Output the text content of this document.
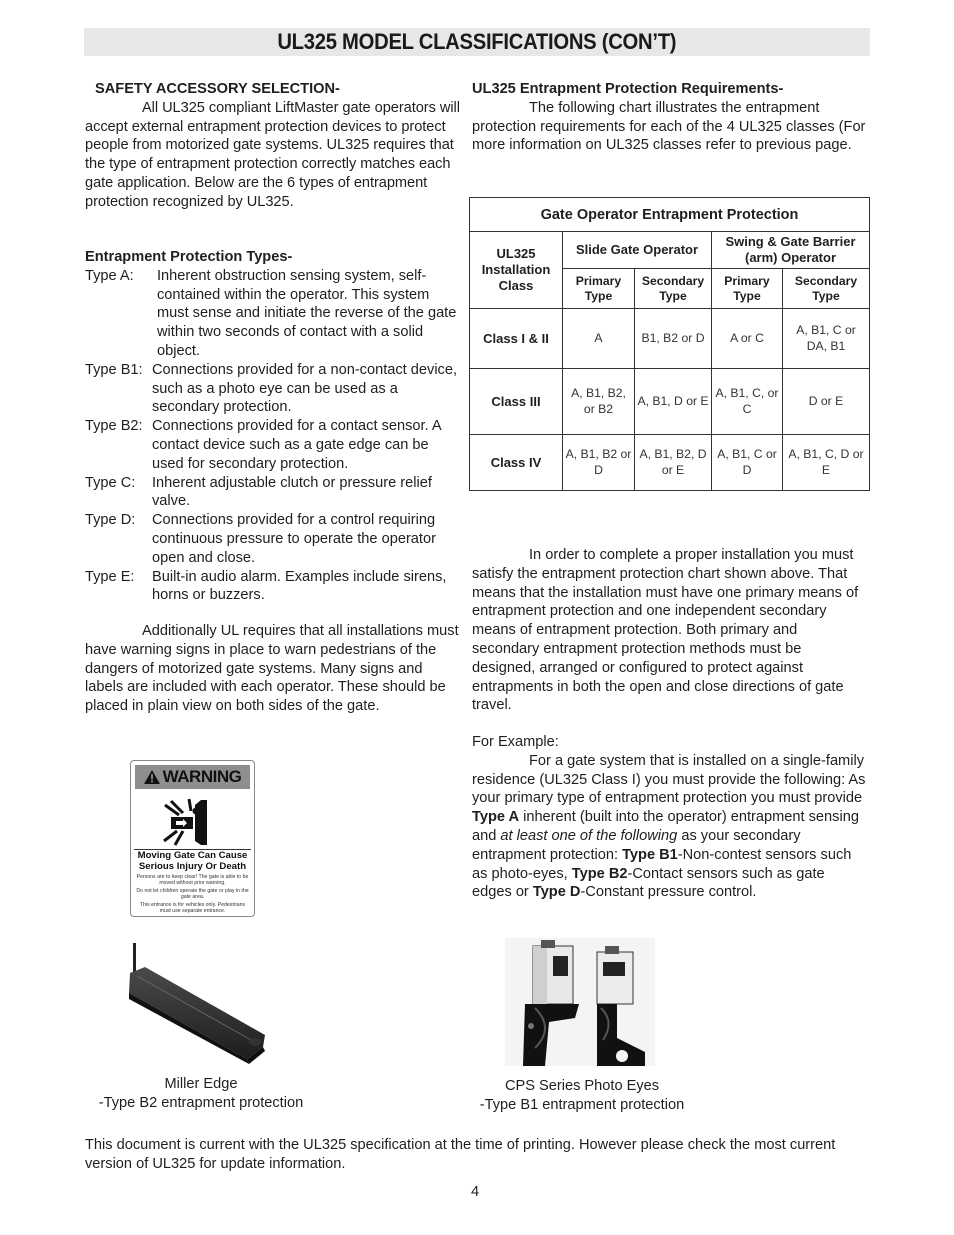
UL325 MODEL CLASSIFICATIONS (CON’T)

SAFETY ACCESSORY SELECTION-

All UL325 compliant LiftMaster gate operators will accept external entrapment protection devices to protect people from motorized gate systems. UL325 requires that the type of entrapment protection correctly matches each gate application. Below are the 6 types of entrapment protection recognized by UL325.

Entrapment Protection Types-

Type A:	Inherent obstruction sensing system, self-contained within the operator. This system must sense and initiate the reverse of the gate within two seconds of contact with a solid object.
Type B1: Connections provided for a non-contact device, such as a photo eye can be used as a secondary protection.
Type B2: Connections provided for a contact sensor. A contact device such as a gate edge can be used for secondary protection.
Type C:	Inherent adjustable clutch or pressure relief valve.
Type D:	Connections provided for a control requiring continuous pressure to operate the operator open and close.
Type E:	Built-in audio alarm. Examples include sirens, horns or buzzers.

Additionally UL requires that all installations must have warning signs in place to warn pedestrians of the dangers of motorized gate systems. Many signs and labels are included with each operator. These should be placed in plain view on both sides of the gate.

WARNING
Moving Gate Can Cause
Serious Injury Or Death
Persons are to keep clear! The gate is able to be moved without prior warning.
Do not let children operate the gate or play in the gate area.
This entrance is for vehicles only. Pedestrians must use separate entrance.

UL325 Entrapment Protection Requirements-

The following chart illustrates the entrapment protection requirements for each of the 4 UL325 classes (For more information on UL325 classes refer to previous page.

Gate Operator Entrapment Protection				
UL325 Installation Class	Slide Gate Operator		Swing & Gate Barrier (arm) Operator	
	Primary Type	Secondary Type	Primary Type	Secondary Type
Class I & II	A	B1, B2 or D	A or C	A, B1, C or DA, B1
Class III	A, B1, B2, or B2	A, B1, D or E	A, B1, C, or C	D or E
Class IV	A, B1, B2 or D	A, B1, B2, D or E	A, B1, C or D	A, B1, C, D or E

In order to complete a proper installation you must satisfy the entrapment protection chart shown above. That means that the installation must have one primary means of entrapment protection and one independent secondary means of entrapment protection. Both primary and secondary entrapment protection methods must be designed, arranged or configured to protect against entrapments in both the open and close directions of gate travel.

For Example:

For a gate system that is installed on a single-family residence (UL325 Class I) you must provide the following: As your primary type of entrapment protection you must provide Type A inherent (built into the operator) entrapment sensing and at least one of the following as your secondary entrapment protection: Type B1-Non-contest sensors such as photo-eyes, Type B2-Contact sensors such as gate edges or Type D-Constant pressure control.

Miller Edge
-Type B2 entrapment protection
CPS Series Photo Eyes
-Type B1 entrapment protection
This document is current with the UL325 specification at the time of printing. However please check the most current version of UL325 for update information.
4
